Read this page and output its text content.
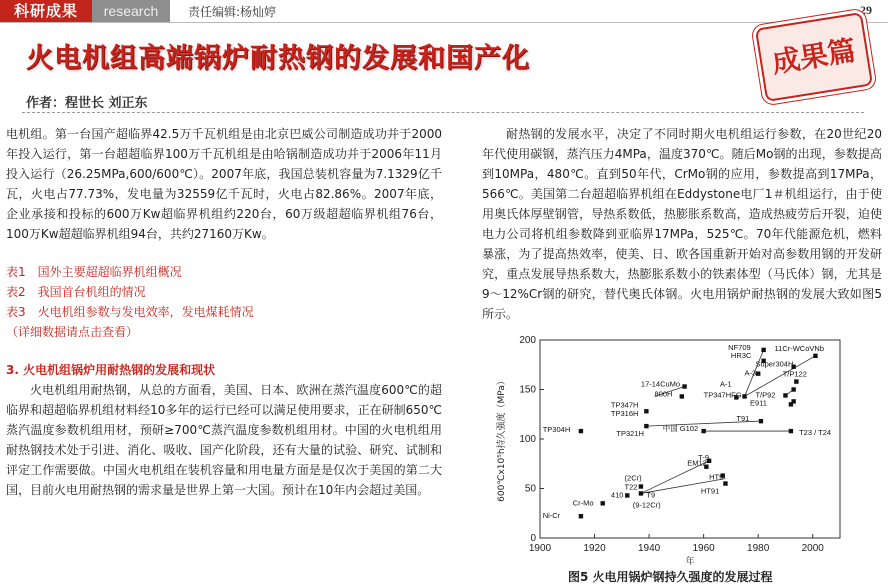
科研成果	research	责任编辑:杨灿婷	29
火电机组高端锅炉耐热钢的发展和国产化	成果篇
作者：程世长 刘正东

电机组。第一台国产超临界42.5万千瓦机组是由北京巴威公司制造成功并于2000年投入运行，第一台超超临界100万千瓦机组是由哈锅制造成功并于2006年11月投入运行（26.25MPa,600/600℃）。2007年底，我国总装机容量为7.1329亿千瓦，火电占77.73%，发电量为32559亿千瓦时，火电占82.86%。2007年底，企业承接和投标的600万Kw超临界机组约220台，60万级超超临界机组76台，100万Kw超超临界机组94台，共约27160万Kw。

表1　国外主要超超临界机组概况

表2　我国首台机组的情况

表3　火电机组参数与发电效率，发电煤耗情况

（详细数据请点击查看）

3. 火电机组锅炉用耐热钢的发展和现状

火电机组用耐热钢，从总的方面看，美国、日本、欧洲在蒸汽温度600℃的超临界和超超临界机组材料经10多年的运行已经可以满足使用要求，正在研制650℃蒸汽温度参数机组用材，预研≥700℃蒸汽温度参数机组用材。中国的火电机组用耐热钢技术处于引进、消化、吸收、国产化阶段，还有大量的试验、研究、试制和评定工作需要做。中国火电机组在装机容量和用电量方面是是仅次于美国的第二大国，目前火电用耐热钢的需求量是世界上第一大国。预计在10年内会超过美国。

耐热钢的发展水平，决定了不同时期火电机组运行参数，在20世纪20年代使用碳钢，蒸汽压力4MPa，温度370℃。随后Mo钢的出现，参数提高到10MPa，480℃。直到50年代，CrMo钢的应用，参数提高到17MPa，566℃。美国第二台超超临界机组在Eddystone电厂1＃机组运行，由于使用奥氏体厚壁钢管，导热系数低，热膨胀系数高，造成热疲劳后开裂，迫使电力公司将机组参数降到亚临界17MPa，525℃。70年代能源危机，燃料暴涨，为了提高热效率，使美、日、欧各国重新开始对高参数用钢的开发研究，重点发展导热系数大，热膨胀系数小的铁素体型（马氏体）钢，尤其是9～12%Cr钢的研究，替代奥氏体钢。火电用锅炉耐热钢的发展大致如图5所示。

1900	1920	1940	1960	1980	2000
0
50
100
150
200
年
600℃x10⁵h持久强度（MPa）
NF709	11Cr-WCoVNb
HR3C
Super304H
A-3
17-14CuMo
800H
A-1
TP347HFG T/P92
T/P122
E911
TP347H
TP316H
TP304H	TP321H
T91
中国 G102	T23 / T24
T-9
EM12
HT9
HT91
(2Cr)
T22
T9
410
(9-12Cr)
Cr-Mo
Ni-Cr
图5 火电用锅炉钢持久强度的发展过程
